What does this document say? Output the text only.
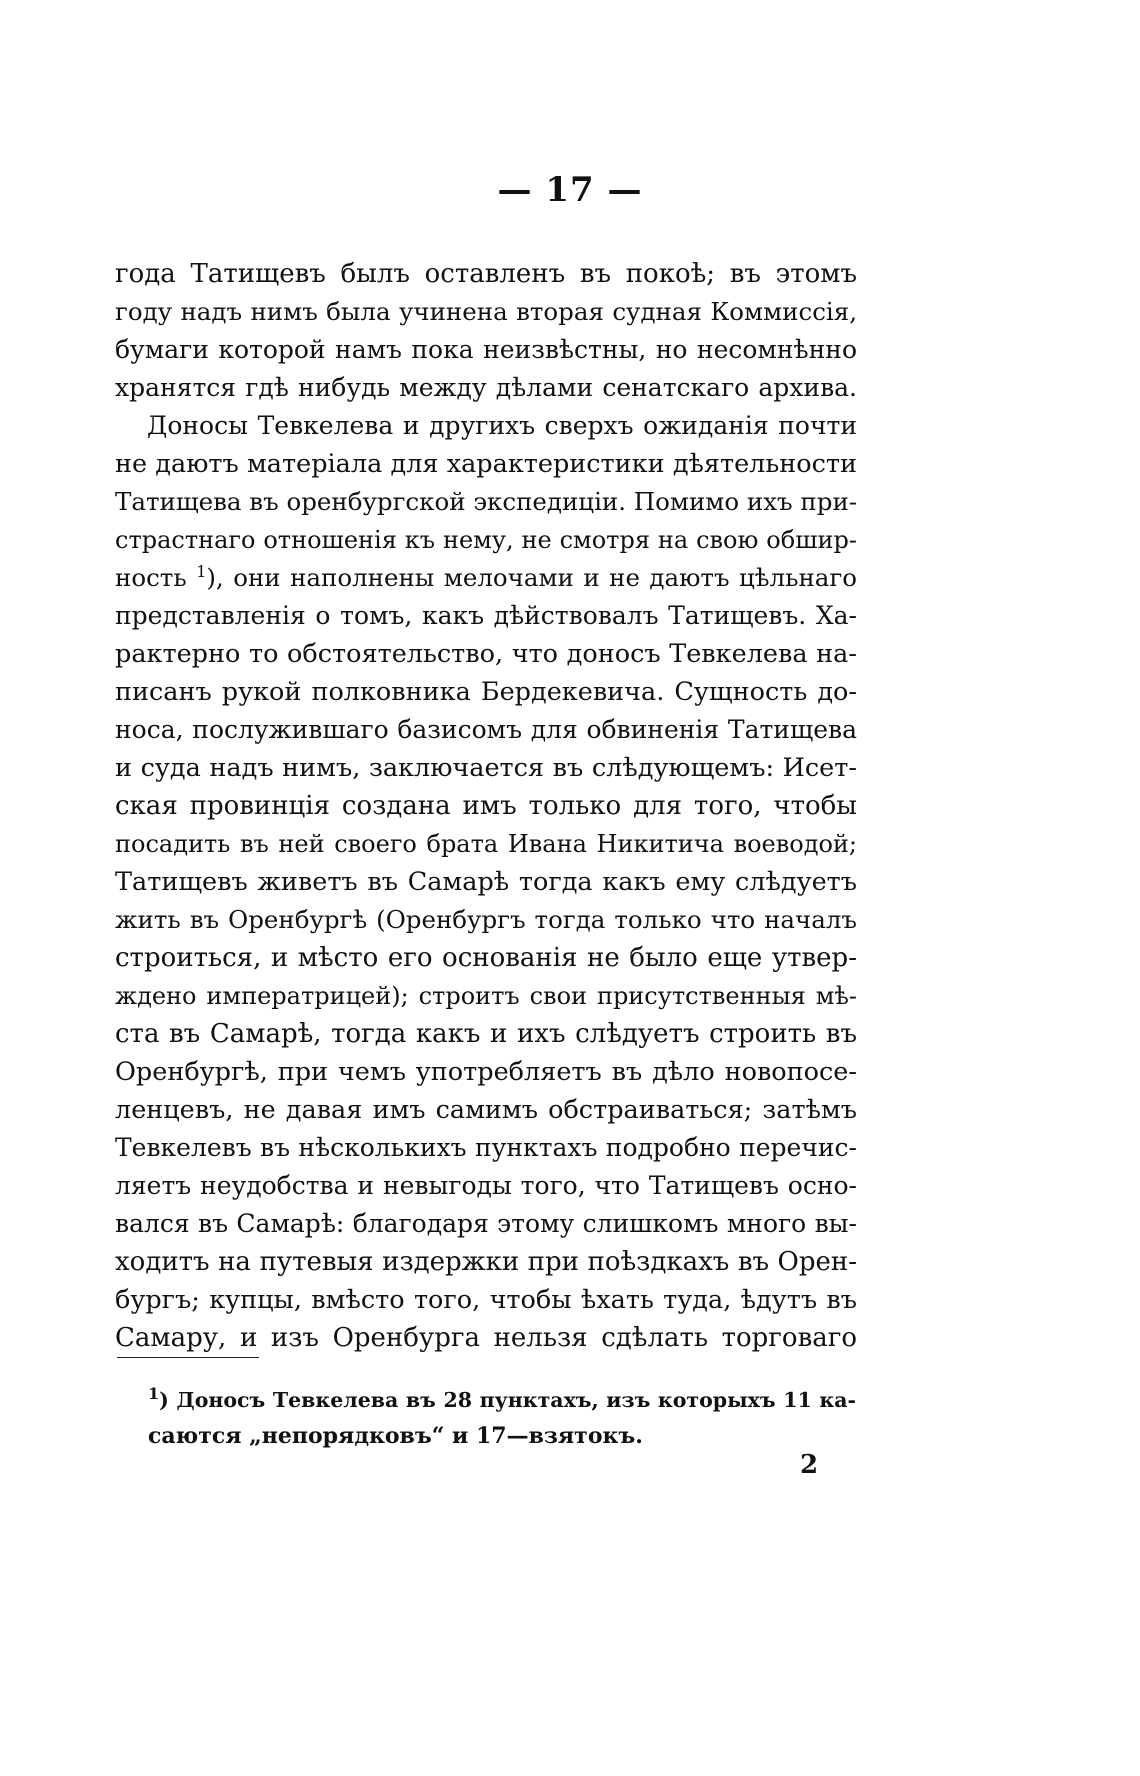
— 17 —
года Татищевъ былъ оставленъ въ покоѣ; въ этомъ
году надъ нимъ была учинена вторая судная Коммиссія,
бумаги которой намъ пока неизвѣстны, но несомнѣнно
хранятся гдѣ нибудь между дѣлами сенатскаго архива.
Доносы Тевкелева и другихъ сверхъ ожиданія почти
не даютъ матеріала для характеристики дѣятельности
Татищева въ оренбургской экспедиціи. Помимо ихъ при-
страстнаго отношенія къ нему, не смотря на свою обшир-
ность $^1$), они наполнены мелочами и не даютъ цѣльнаго
представленія о томъ, какъ дѣйствовалъ Татищевъ. Ха-
рактерно то обстоятельство, что доносъ Тевкелева на-
писанъ рукой полковника Бердекевича. Сущность до-
носа, послужившаго базисомъ для обвиненія Татищева
и суда надъ нимъ, заключается въ слѣдующемъ: Исет-
ская провинція создана имъ только для того, чтобы
посадить въ ней своего брата Ивана Никитича воеводой;
Татищевъ живетъ въ Самарѣ тогда какъ ему слѣдуетъ
жить въ Оренбургѣ (Оренбургъ тогда только что началъ
строиться, и мѣсто его основанія не было еще утвер-
ждено императрицей); строитъ свои присутственныя мѣ-
ста въ Самарѣ, тогда какъ и ихъ слѣдуетъ строить въ
Оренбургѣ, при чемъ употребляетъ въ дѣло новопосе-
ленцевъ, не давая имъ самимъ обстраиваться; затѣмъ
Тевкелевъ въ нѣсколькихъ пунктахъ подробно перечис-
ляетъ неудобства и невыгоды того, что Татищевъ осно-
вался въ Самарѣ: благодаря этому слишкомъ много вы-
ходитъ на путевыя издержки при поѣздкахъ въ Орен-
бургъ; купцы, вмѣсто того, чтобы ѣхать туда, ѣдутъ въ
Самару, и изъ Оренбурга нельзя сдѣлать торговаго
$^1$) Доносъ Тевкелева въ 28 пунктахъ, изъ которыхъ 11 ка-
саются „непорядковъ“ и 17—взятокъ.
2
